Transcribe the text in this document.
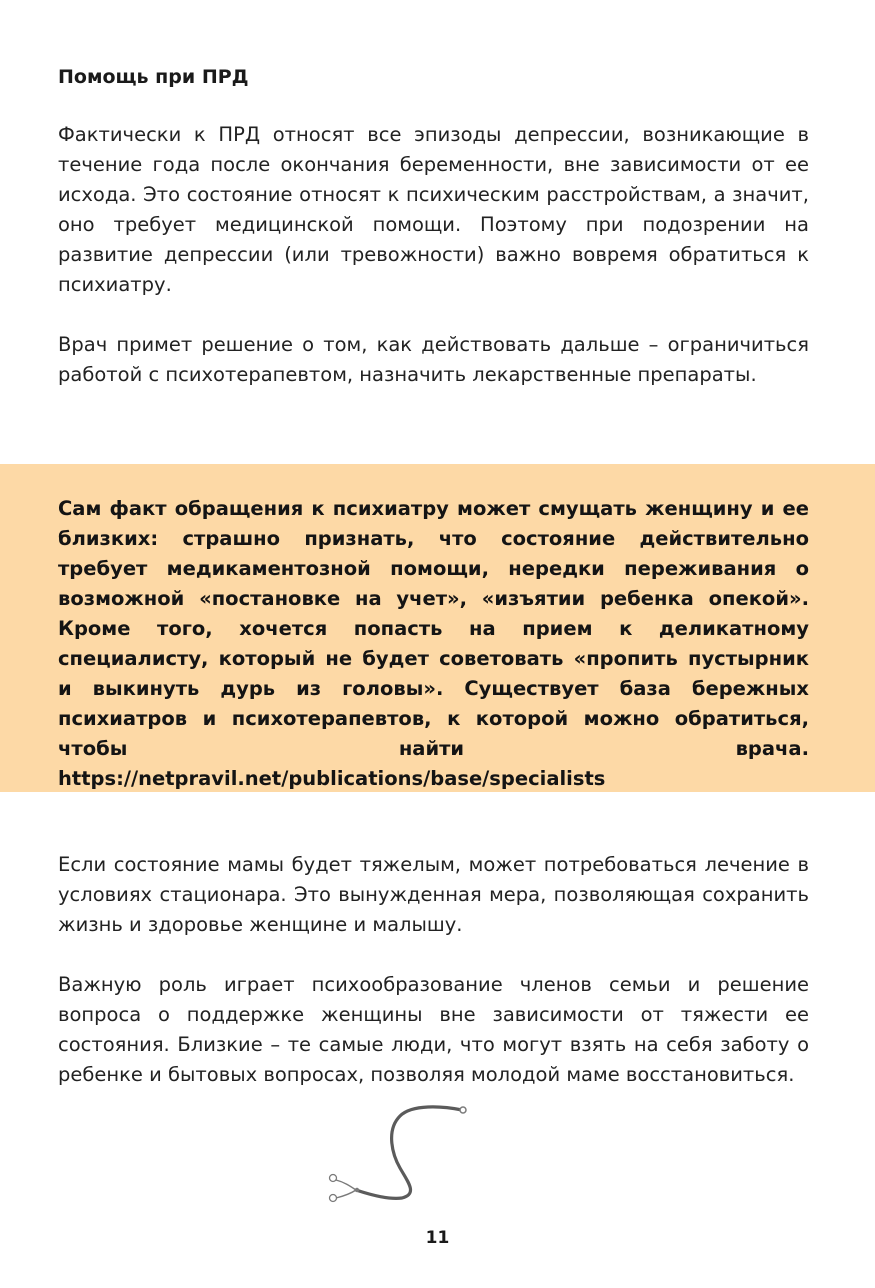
Помощь при ПРД

Фактически к ПРД относят все эпизоды депрессии, возникающие в течение года после окончания беременности, вне зависимости от ее исхода. Это состояние относят к психическим расстройствам, а значит, оно требует медицинской помощи. Поэтому при подозрении на развитие депрессии (или тревожности) важно вовремя обратиться к психиатру.

Врач примет решение о том, как действовать дальше – ограничиться работой с психотерапевтом, назначить лекарственные препараты.

Сам факт обращения к психиатру может смущать женщину и ее близких: страшно признать, что состояние действительно требует медикаментозной помощи, нередки переживания о возможной «постановке на учет», «изъятии ребенка опекой». Кроме того, хочется попасть на прием к деликатному специалисту, который не будет советовать «пропить пустырник и выкинуть дурь из головы». Существует база бережных психиатров и психотерапевтов, к которой можно обратиться, чтобы найти врача. https://netpravil.net/publications/base/specialists

Если состояние мамы будет тяжелым, может потребоваться лечение в условиях стационара. Это вынужденная мера, позволяющая сохранить жизнь и здоровье женщине и малышу.

Важную роль играет психообразование членов семьи и решение вопроса о поддержке женщины вне зависимости от тяжести ее состояния. Близкие – те самые люди, что могут взять на себя заботу о ребенке и бытовых вопросах, позволяя молодой маме восстановиться.

11
